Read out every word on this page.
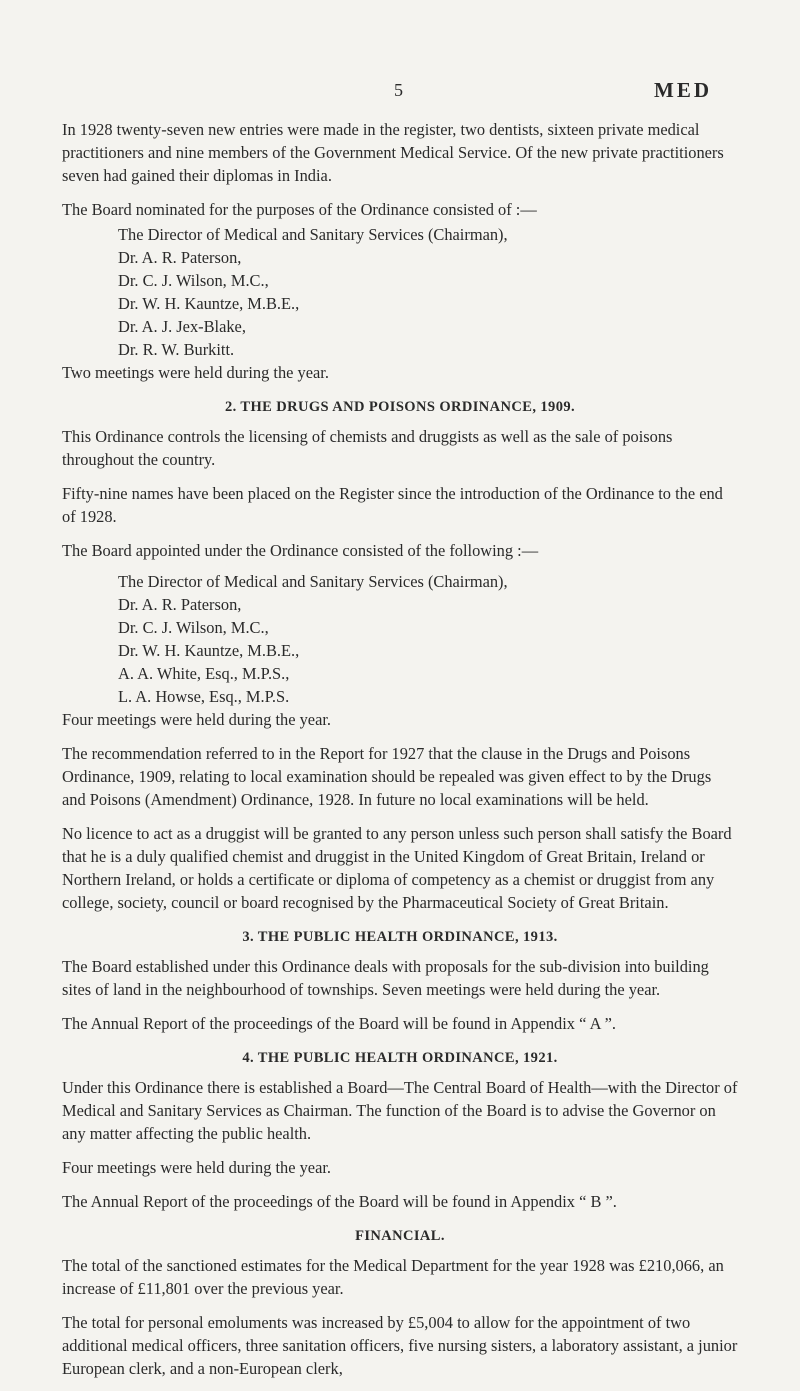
5	MED

In 1928 twenty-seven new entries were made in the register, two dentists, sixteen private medical practitioners and nine members of the Government Medical Service. Of the new private practitioners seven had gained their diplomas in India.

The Board nominated for the purposes of the Ordinance consisted of :—

The Director of Medical and Sanitary Services (Chairman),
Dr. A. R. Paterson,
Dr. C. J. Wilson, M.C.,
Dr. W. H. Kauntze, M.B.E.,
Dr. A. J. Jex-Blake,
Dr. R. W. Burkitt.

Two meetings were held during the year.

2. THE DRUGS AND POISONS ORDINANCE, 1909.

This Ordinance controls the licensing of chemists and druggists as well as the sale of poisons throughout the country.

Fifty-nine names have been placed on the Register since the introduction of the Ordinance to the end of 1928.

The Board appointed under the Ordinance consisted of the following :—

The Director of Medical and Sanitary Services (Chairman),
Dr. A. R. Paterson,
Dr. C. J. Wilson, M.C.,
Dr. W. H. Kauntze, M.B.E.,
A. A. White, Esq., M.P.S.,
L. A. Howse, Esq., M.P.S.

Four meetings were held during the year.

The recommendation referred to in the Report for 1927 that the clause in the Drugs and Poisons Ordinance, 1909, relating to local examination should be repealed was given effect to by the Drugs and Poisons (Amendment) Ordinance, 1928. In future no local examinations will be held.

No licence to act as a druggist will be granted to any person unless such person shall satisfy the Board that he is a duly qualified chemist and druggist in the United Kingdom of Great Britain, Ireland or Northern Ireland, or holds a certificate or diploma of competency as a chemist or druggist from any college, society, council or board recognised by the Pharmaceutical Society of Great Britain.

3. THE PUBLIC HEALTH ORDINANCE, 1913.

The Board established under this Ordinance deals with proposals for the sub-division into building sites of land in the neighbourhood of townships. Seven meetings were held during the year.

The Annual Report of the proceedings of the Board will be found in Appendix “ A ”.

4. THE PUBLIC HEALTH ORDINANCE, 1921.

Under this Ordinance there is established a Board—The Central Board of Health—with the Director of Medical and Sanitary Services as Chairman. The function of the Board is to advise the Governor on any matter affecting the public health.

Four meetings were held during the year.

The Annual Report of the proceedings of the Board will be found in Appendix “ B ”.

FINANCIAL.

The total of the sanctioned estimates for the Medical Department for the year 1928 was £210,066, an increase of £11,801 over the previous year.

The total for personal emoluments was increased by £5,004 to allow for the appointment of two additional medical officers, three sanitation officers, five nursing sisters, a laboratory assistant, a junior European clerk, and a non-European clerk,
